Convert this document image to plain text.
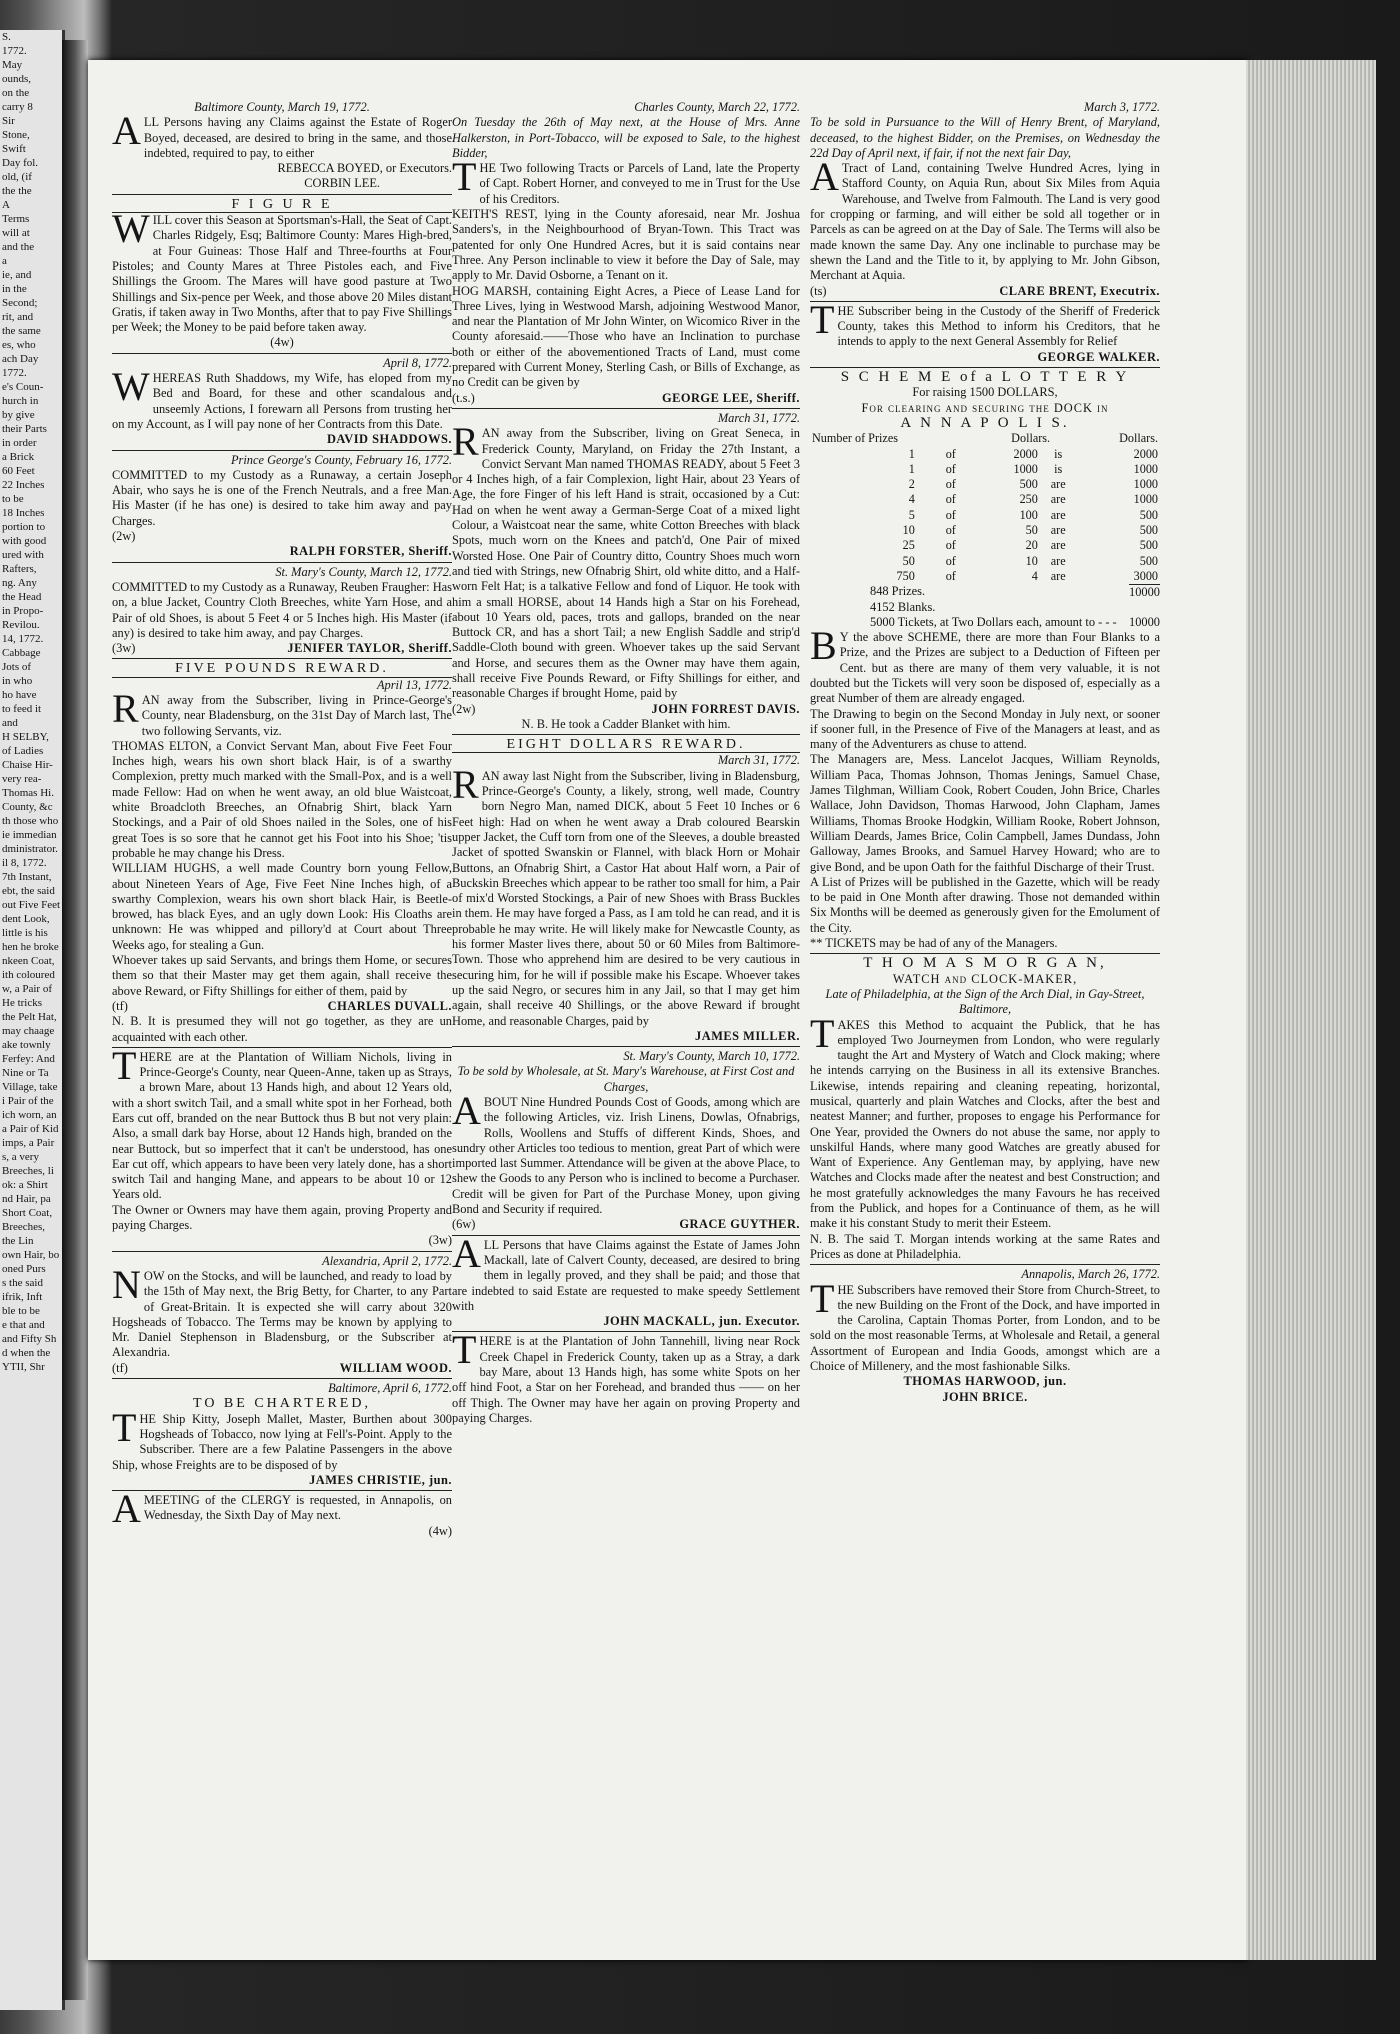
S.

1772.

May

ounds,

on the

carry 8

Sir

Stone,

Swift

Day fol.

old, (if

the the

A

Terms

will at

and the

a

ie, and

in the

Second;

rit, and

the same

es, who

ach Day

1772.

e's Coun-

hurch in

by give

their Parts

in order

a Brick

60 Feet

22 Inches

to be

18 Inches

portion to

with good

ured with

Rafters,

ng. Any

the Head

in Propo-

Revilou.

14, 1772.

Cabbage

Jots of

in who

ho have

to feed it

and

H SELBY,

of Ladies

Chaise Hir-

very rea-

Thomas Hi.

County, &c

th those who

ie immedian

dministrator.

il 8, 1772.

7th Instant,

ebt, the said

out Five Feet

dent Look,

little is his

hen he broke

nkeen Coat,

ith coloured

w, a Pair of

He tricks

the Pelt Hat,

may chaage

ake townly

Ferfey: And

Nine or Ta

Village, take

i Pair of the

ich worn, an

a Pair of Kid

imps, a Pair

s, a very

Breeches, li

ok: a Shirt

nd Hair, pa

Short Coat,

Breeches,

the Lin

own Hair, bo

oned Purs

s the said

ifrik, Inft

ble to be

e that and

and Fifty Sh

d when the

YTII, Shr

Baltimore County, March 19, 1772.

ALL Persons having any Claims against the Estate of Roger Boyed, deceased, are desired to bring in the same, and those indebted, required to pay, to either

REBECCA BOYED, or Executors.

CORBIN LEE.

F I G U R E

WILL cover this Season at Sportsman's-Hall, the Seat of Capt. Charles Ridgely, Esq; Baltimore County: Mares High-bred, at Four Guineas: Those Half and Three-fourths at Four Pistoles; and County Mares at Three Pistoles each, and Five Shillings the Groom. The Mares will have good pasture at Two Shillings and Six-pence per Week, and those above 20 Miles distant Gratis, if taken away in Two Months, after that to pay Five Shillings per Week; the Money to be paid before taken away.

(4w)

April 8, 1772.

WHEREAS Ruth Shaddows, my Wife, has eloped from my Bed and Board, for these and other scandalous and unseemly Actions, I forewarn all Persons from trusting her on my Account, as I will pay none of her Contracts from this Date.

DAVID SHADDOWS.

Prince George's County, February 16, 1772.

COMMITTED to my Custody as a Runaway, a certain Joseph Abair, who says he is one of the French Neutrals, and a free Man. His Master (if he has one) is desired to take him away and pay Charges.

(2w)

RALPH FORSTER, Sheriff.

St. Mary's County, March 12, 1772.

COMMITTED to my Custody as a Runaway, Reuben Fraugher: Has on, a blue Jacket, Country Cloth Breeches, white Yarn Hose, and a Pair of old Shoes, is about 5 Feet 4 or 5 Inches high. His Master (if any) is desired to take him away, and pay Charges.

(3w)	JENIFER TAYLOR, Sheriff.

FIVE POUNDS REWARD.

April 13, 1772.

RAN away from the Subscriber, living in Prince-George's County, near Bladensburg, on the 31st Day of March last, The two following Servants, viz.

THOMAS ELTON, a Convict Servant Man, about Five Feet Four Inches high, wears his own short black Hair, is of a swarthy Complexion, pretty much marked with the Small-Pox, and is a well made Fellow: Had on when he went away, an old blue Waistcoat, white Broadcloth Breeches, an Ofnabrig Shirt, black Yarn Stockings, and a Pair of old Shoes nailed in the Soles, one of his great Toes is so sore that he cannot get his Foot into his Shoe; 'tis probable he may change his Dress.

WILLIAM HUGHS, a well made Country born young Fellow, about Nineteen Years of Age, Five Feet Nine Inches high, of a swarthy Complexion, wears his own short black Hair, is Beetle-browed, has black Eyes, and an ugly down Look: His Cloaths are unknown: He was whipped and pillory'd at Court about Three Weeks ago, for stealing a Gun.

Whoever takes up said Servants, and brings them Home, or secures them so that their Master may get them again, shall receive the above Reward, or Fifty Shillings for either of them, paid by

(tf)	CHARLES DUVALL.

N. B. It is presumed they will not go together, as they are un acquainted with each other.

THERE are at the Plantation of William Nichols, living in Prince-George's County, near Queen-Anne, taken up as Strays, a brown Mare, about 13 Hands high, and about 12 Years old, with a short switch Tail, and a small white spot in her Forhead, both Ears cut off, branded on the near Buttock thus B but not very plain: Also, a small dark bay Horse, about 12 Hands high, branded on the near Buttock, but so imperfect that it can't be understood, has one Ear cut off, which appears to have been very lately done, has a short switch Tail and hanging Mane, and appears to be about 10 or 12 Years old.

The Owner or Owners may have them again, proving Property and paying Charges.

(3w)

Alexandria, April 2, 1772.

NOW on the Stocks, and will be launched, and ready to load by the 15th of May next, the Brig Betty, for Charter, to any Part of Great-Britain. It is expected she will carry about 320 Hogsheads of Tobacco. The Terms may be known by applying to Mr. Daniel Stephenson in Bladensburg, or the Subscriber at Alexandria.

(tf)	WILLIAM WOOD.

Baltimore, April 6, 1772.

TO BE CHARTERED,

THE Ship Kitty, Joseph Mallet, Master, Burthen about 300 Hogsheads of Tobacco, now lying at Fell's-Point. Apply to the Subscriber. There are a few Palatine Passengers in the above Ship, whose Freights are to be disposed of by

JAMES CHRISTIE, jun.

AMEETING of the CLERGY is requested, in Annapolis, on Wednesday, the Sixth Day of May next.

(4w)

Charles County, March 22, 1772.

On Tuesday the 26th of May next, at the House of Mrs. Anne Halkerston, in Port-Tobacco, will be exposed to Sale, to the highest Bidder,

THE Two following Tracts or Parcels of Land, late the Property of Capt. Robert Horner, and conveyed to me in Trust for the Use of his Creditors.

KEITH'S REST, lying in the County aforesaid, near Mr. Joshua Sanders's, in the Neighbourhood of Bryan-Town. This Tract was patented for only One Hundred Acres, but it is said contains near Three. Any Person inclinable to view it before the Day of Sale, may apply to Mr. David Osborne, a Tenant on it.

HOG MARSH, containing Eight Acres, a Piece of Lease Land for Three Lives, lying in Westwood Marsh, adjoining Westwood Manor, and near the Plantation of Mr John Winter, on Wicomico River in the County aforesaid.——Those who have an Inclination to purchase both or either of the abovementioned Tracts of Land, must come prepared with Current Money, Sterling Cash, or Bills of Exchange, as no Credit can be given by

(t.s.)	GEORGE LEE, Sheriff.

March 31, 1772.

RAN away from the Subscriber, living on Great Seneca, in Frederick County, Maryland, on Friday the 27th Instant, a Convict Servant Man named THOMAS READY, about 5 Feet 3 or 4 Inches high, of a fair Complexion, light Hair, about 23 Years of Age, the fore Finger of his left Hand is strait, occasioned by a Cut: Had on when he went away a German-Serge Coat of a mixed light Colour, a Waistcoat near the same, white Cotton Breeches with black Spots, much worn on the Knees and patch'd, One Pair of mixed Worsted Hose. One Pair of Country ditto, Country Shoes much worn and tied with Strings, new Ofnabrig Shirt, old white ditto, and a Half-worn Felt Hat; is a talkative Fellow and fond of Liquor. He took with him a small HORSE, about 14 Hands high a Star on his Forehead, about 10 Years old, paces, trots and gallops, branded on the near Buttock CR, and has a short Tail; a new English Saddle and strip'd Saddle-Cloth bound with green. Whoever takes up the said Servant and Horse, and secures them as the Owner may have them again, shall receive Five Pounds Reward, or Fifty Shillings for either, and reasonable Charges if brought Home, paid by

(2w)	JOHN FORREST DAVIS.

N. B. He took a Cadder Blanket with him.

EIGHT DOLLARS REWARD.

March 31, 1772.

RAN away last Night from the Subscriber, living in Bladensburg, Prince-George's County, a likely, strong, well made, Country born Negro Man, named DICK, about 5 Feet 10 Inches or 6 Feet high: Had on when he went away a Drab coloured Bearskin upper Jacket, the Cuff torn from one of the Sleeves, a double breasted Jacket of spotted Swanskin or Flannel, with black Horn or Mohair Buttons, an Ofnabrig Shirt, a Castor Hat about Half worn, a Pair of Buckskin Breeches which appear to be rather too small for him, a Pair of mix'd Worsted Stockings, a Pair of new Shoes with Brass Buckles in them. He may have forged a Pass, as I am told he can read, and it is probable he may write. He will likely make for Newcastle County, as his former Master lives there, about 50 or 60 Miles from Baltimore-Town. Those who apprehend him are desired to be very cautious in securing him, for he will if possible make his Escape. Whoever takes up the said Negro, or secures him in any Jail, so that I may get him again, shall receive 40 Shillings, or the above Reward if brought Home, and reasonable Charges, paid by

JAMES MILLER.

St. Mary's County, March 10, 1772.

To be sold by Wholesale, at St. Mary's Warehouse, at First Cost and Charges,

ABOUT Nine Hundred Pounds Cost of Goods, among which are the following Articles, viz. Irish Linens, Dowlas, Ofnabrigs, Rolls, Woollens and Stuffs of different Kinds, Shoes, and sundry other Articles too tedious to mention, great Part of which were imported last Summer. Attendance will be given at the above Place, to shew the Goods to any Person who is inclined to become a Purchaser. Credit will be given for Part of the Purchase Money, upon giving Bond and Security if required.

(6w)	GRACE GUYTHER.

ALL Persons that have Claims against the Estate of James John Mackall, late of Calvert County, deceased, are desired to bring them in legally proved, and they shall be paid; and those that are indebted to said Estate are requested to make speedy Settlement with

JOHN MACKALL, jun. Executor.

THERE is at the Plantation of John Tannehill, living near Rock Creek Chapel in Frederick County, taken up as a Stray, a dark bay Mare, about 13 Hands high, has some white Spots on her off hind Foot, a Star on her Forehead, and branded thus —— on her off Thigh. The Owner may have her again on proving Property and paying Charges.

March 3, 1772.

To be sold in Pursuance to the Will of Henry Brent, of Maryland, deceased, to the highest Bidder, on the Premises, on Wednesday the 22d Day of April next, if fair, if not the next fair Day,

ATract of Land, containing Twelve Hundred Acres, lying in Stafford County, on Aquia Run, about Six Miles from Aquia Warehouse, and Twelve from Falmouth. The Land is very good for cropping or farming, and will either be sold all together or in Parcels as can be agreed on at the Day of Sale. The Terms will also be made known the same Day. Any one inclinable to purchase may be shewn the Land and the Title to it, by applying to Mr. John Gibson, Merchant at Aquia.

(ts)	CLARE BRENT, Executrix.

THE Subscriber being in the Custody of the Sheriff of Frederick County, takes this Method to inform his Creditors, that he intends to apply to the next General Assembly for Relief

GEORGE WALKER.

S C H E M E of a L O T T E R Y

For raising 1500 DOLLARS,

For clearing and securing the DOCK in

A N N A P O L I S.

Number of Prizes		Dollars.		Dollars.
1	of	2000	is	2000
1	of	1000	is	1000
2	of	500	are	1000
4	of	250	are	1000
5	of	100	are	500
10	of	50	are	500
25	of	20	are	500
50	of	10	are	500
750	of	4	are	3000

848 Prizes.	10000

4152 Blanks.

5000 Tickets, at Two Dollars each, amount to - - - 10000

BY the above SCHEME, there are more than Four Blanks to a Prize, and the Prizes are subject to a Deduction of Fifteen per Cent. but as there are many of them very valuable, it is not doubted but the Tickets will very soon be disposed of, especially as a great Number of them are already engaged.

The Drawing to begin on the Second Monday in July next, or sooner if sooner full, in the Presence of Five of the Managers at least, and as many of the Adventurers as chuse to attend.

The Managers are, Mess. Lancelot Jacques, William Reynolds, William Paca, Thomas Johnson, Thomas Jenings, Samuel Chase, James Tilghman, William Cook, Robert Couden, John Brice, Charles Wallace, John Davidson, Thomas Harwood, John Clapham, James Williams, Thomas Brooke Hodgkin, William Rooke, Robert Johnson, William Deards, James Brice, Colin Campbell, James Dundass, John Galloway, James Brooks, and Samuel Harvey Howard; who are to give Bond, and be upon Oath for the faithful Discharge of their Trust.

A List of Prizes will be published in the Gazette, which will be ready to be paid in One Month after drawing. Those not demanded within Six Months will be deemed as generously given for the Emolument of the City.

** TICKETS may be had of any of the Managers.

T H O M A S M O R G A N,

WATCH and CLOCK-MAKER,

Late of Philadelphia, at the Sign of the Arch Dial, in Gay-Street, Baltimore,

TAKES this Method to acquaint the Publick, that he has employed Two Journeymen from London, who were regularly taught the Art and Mystery of Watch and Clock making; where he intends carrying on the Business in all its extensive Branches. Likewise, intends repairing and cleaning repeating, horizontal, musical, quarterly and plain Watches and Clocks, after the best and neatest Manner; and further, proposes to engage his Performance for One Year, provided the Owners do not abuse the same, nor apply to unskilful Hands, where many good Watches are greatly abused for Want of Experience. Any Gentleman may, by applying, have new Watches and Clocks made after the neatest and best Construction; and he most gratefully acknowledges the many Favours he has received from the Publick, and hopes for a Continuance of them, as he will make it his constant Study to merit their Esteem.

N. B. The said T. Morgan intends working at the same Rates and Prices as done at Philadelphia.

Annapolis, March 26, 1772.

THE Subscribers have removed their Store from Church-Street, to the new Building on the Front of the Dock, and have imported in the Carolina, Captain Thomas Porter, from London, and to be sold on the most reasonable Terms, at Wholesale and Retail, a general Assortment of European and India Goods, amongst which are a Choice of Millenery, and the most fashionable Silks.

THOMAS HARWOOD, jun.

JOHN BRICE.
